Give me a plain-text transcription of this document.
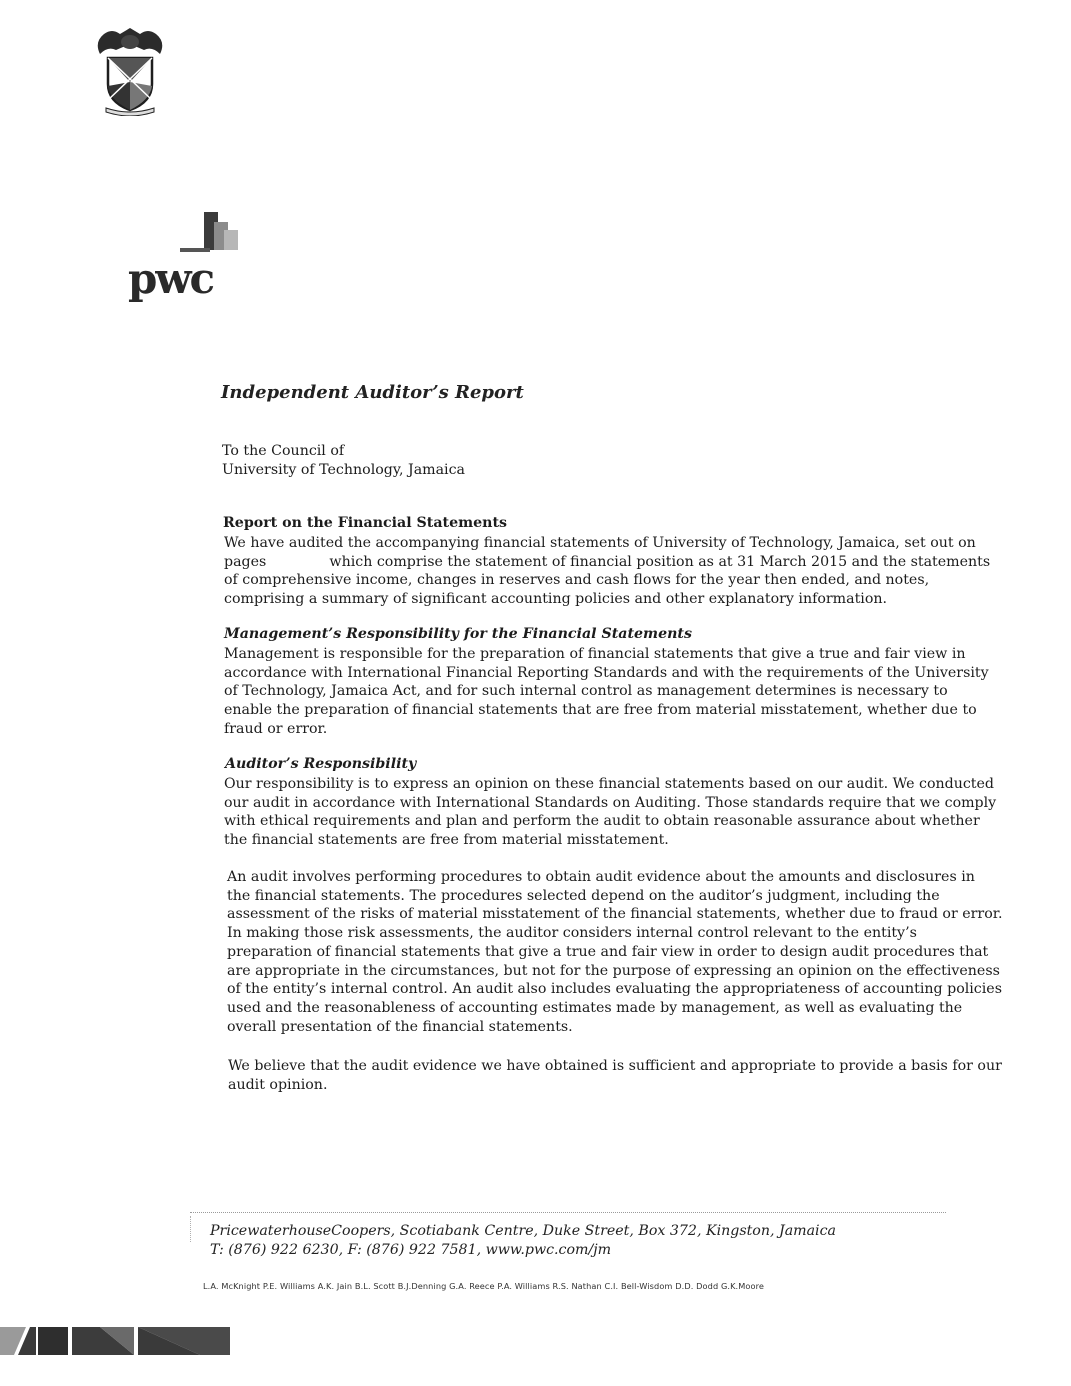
pwc
Independent Auditor’s Report
To the Council of
University of Technology, Jamaica
Report on the Financial Statements
We have audited the accompanying financial statements of University of Technology, Jamaica, set out on
pages              which comprise the statement of financial position as at 31 March 2015 and the statements
of comprehensive income, changes in reserves and cash flows for the year then ended, and notes,
comprising a summary of significant accounting policies and other explanatory information.
Management’s Responsibility for the Financial Statements
Management is responsible for the preparation of financial statements that give a true and fair view in
accordance with International Financial Reporting Standards and with the requirements of the University
of Technology, Jamaica Act, and for such internal control as management determines is necessary to
enable the preparation of financial statements that are free from material misstatement, whether due to
fraud or error.
Auditor’s Responsibility
Our responsibility is to express an opinion on these financial statements based on our audit. We conducted
our audit in accordance with International Standards on Auditing. Those standards require that we comply
with ethical requirements and plan and perform the audit to obtain reasonable assurance about whether
the financial statements are free from material misstatement.
An audit involves performing procedures to obtain audit evidence about the amounts and disclosures in
the financial statements. The procedures selected depend on the auditor’s judgment, including the
assessment of the risks of material misstatement of the financial statements, whether due to fraud or error.
In making those risk assessments, the auditor considers internal control relevant to the entity’s
preparation of financial statements that give a true and fair view in order to design audit procedures that
are appropriate in the circumstances, but not for the purpose of expressing an opinion on the effectiveness
of the entity’s internal control. An audit also includes evaluating the appropriateness of accounting policies
used and the reasonableness of accounting estimates made by management, as well as evaluating the
overall presentation of the financial statements.
We believe that the audit evidence we have obtained is sufficient and appropriate to provide a basis for our
audit opinion.
PricewaterhouseCoopers, Scotiabank Centre, Duke Street, Box 372, Kingston, Jamaica
T: (876) 922 6230, F: (876) 922 7581, www.pwc.com/jm
L.A. McKnight P.E. Williams A.K. Jain B.L. Scott B.J.Denning G.A. Reece P.A. Williams R.S. Nathan C.I. Bell-Wisdom D.D. Dodd G.K.Moore
